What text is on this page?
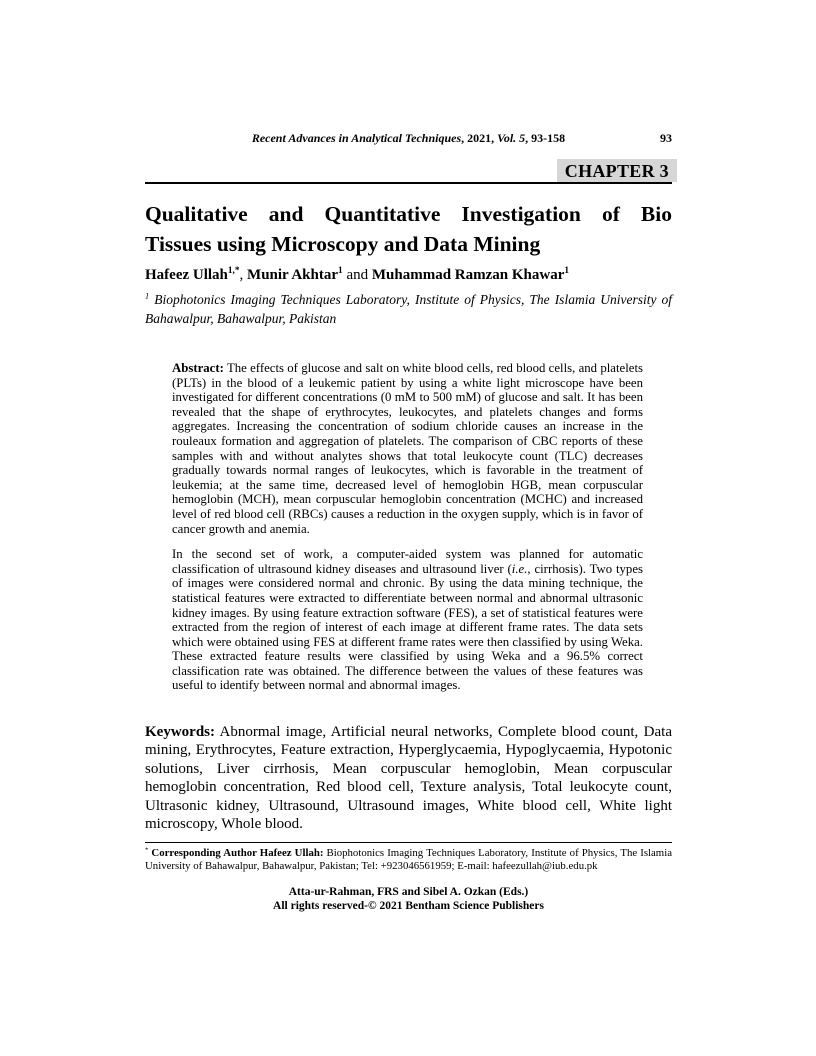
Recent Advances in Analytical Techniques, 2021, Vol. 5, 93-158	93
CHAPTER 3
Qualitative and Quantitative Investigation of Bio
Tissues using Microscopy and Data Mining
Hafeez Ullah$^{1,*}$, Munir Akhtar$^1$ and Muhammad Ramzan Khawar$^1$
$^1$ Biophotonics Imaging Techniques Laboratory, Institute of Physics, The Islamia University of Bahawalpur, Bahawalpur, Pakistan

Abstract: The effects of glucose and salt on white blood cells, red blood cells, and platelets (PLTs) in the blood of a leukemic patient by using a white light microscope have been investigated for different concentrations (0 mM to 500 mM) of glucose and salt. It has been revealed that the shape of erythrocytes, leukocytes, and platelets changes and forms aggregates. Increasing the concentration of sodium chloride causes an increase in the rouleaux formation and aggregation of platelets. The comparison of CBC reports of these samples with and without analytes shows that total leukocyte count (TLC) decreases gradually towards normal ranges of leukocytes, which is favorable in the treatment of leukemia; at the same time, decreased level of hemoglobin HGB, mean corpuscular hemoglobin (MCH), mean corpuscular hemoglobin concentration (MCHC) and increased level of red blood cell (RBCs) causes a reduction in the oxygen supply, which is in favor of cancer growth and anemia.

In the second set of work, a computer-aided system was planned for automatic classification of ultrasound kidney diseases and ultrasound liver (i.e., cirrhosis). Two types of images were considered normal and chronic. By using the data mining technique, the statistical features were extracted to differentiate between normal and abnormal ultrasonic kidney images. By using feature extraction software (FES), a set of statistical features were extracted from the region of interest of each image at different frame rates. The data sets which were obtained using FES at different frame rates were then classified by using Weka. These extracted feature results were classified by using Weka and a 96.5% correct classification rate was obtained. The difference between the values of these features was useful to identify between normal and abnormal images.

Keywords: Abnormal image, Artificial neural networks, Complete blood count, Data mining, Erythrocytes, Feature extraction, Hyperglycaemia, Hypoglycaemia, Hypotonic solutions, Liver cirrhosis, Mean corpuscular hemoglobin, Mean corpuscular hemoglobin concentration, Red blood cell, Texture analysis, Total leukocyte count, Ultrasonic kidney, Ultrasound, Ultrasound images, White blood cell, White light microscopy, Whole blood.
* Corresponding Author Hafeez Ullah: Biophotonics Imaging Techniques Laboratory, Institute of Physics, The Islamia University of Bahawalpur, Bahawalpur, Pakistan; Tel: +923046561959; E-mail: hafeezullah@iub.edu.pk
Atta-ur-Rahman, FRS and Sibel A. Ozkan (Eds.)
All rights reserved-© 2021 Bentham Science Publishers
